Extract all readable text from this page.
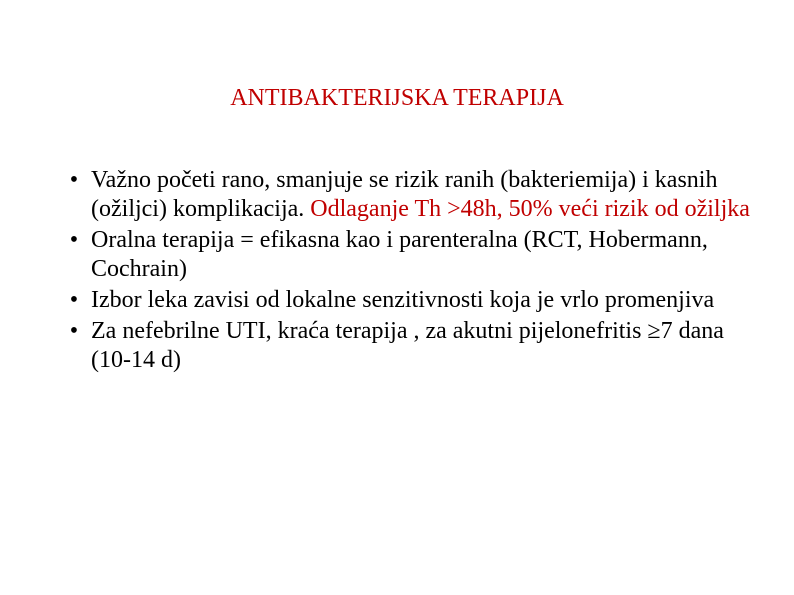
ANTIBAKTERIJSKA TERAPIJA
• Važno početi rano, smanjuje se rizik ranih (bakteriemija) i kasnih (ožiljci) komplikacija. Odlaganje Th >48h, 50% veći rizik od ožiljka
• Oralna terapija = efikasna kao i parenteralna (RCT, Hobermann, Cochrain)
• Izbor leka zavisi od lokalne senzitivnosti koja je vrlo promenjiva
• Za nefebrilne UTI, kraća terapija , za akutni pijelonefritis ≥7 dana (10-14 d)
